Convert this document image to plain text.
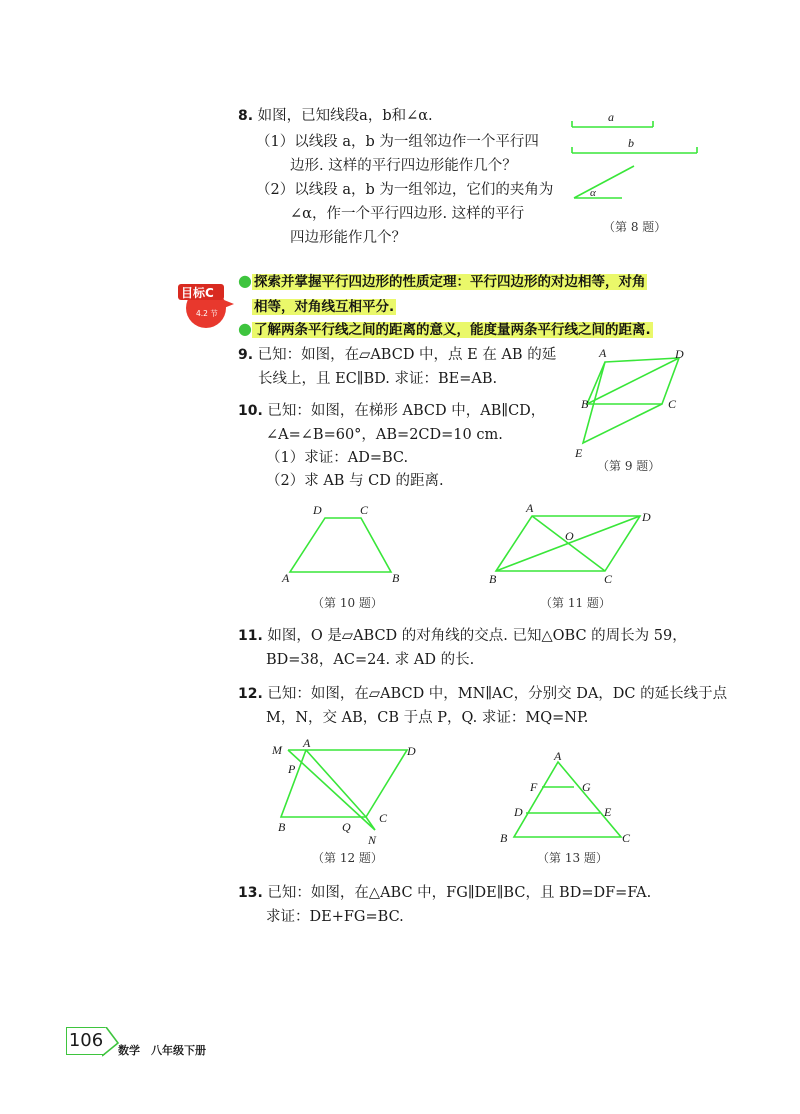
8. 如图，已知线段a，b和∠α.
（1）以线段 a，b 为一组邻边作一个平行四
边形. 这样的平行四边形能作几个？
（2）以线段 a，b 为一组邻边，它们的夹角为
∠α，作一个平行四边形. 这样的平行
四边形能作几个？
a
b
α
（第 8 题）
目标C
4.2 节
● 探索并掌握平行四边形的性质定理：平行四边形的对边相等，对角
相等，对角线互相平分.
● 了解两条平行线之间的距离的意义，能度量两条平行线之间的距离.
9. 已知：如图，在▱ABCD 中，点 E 在 AB 的延
长线上，且 EC∥BD. 求证：BE=AB.
A	D
B	C
E
（第 9 题）
10. 已知：如图，在梯形 ABCD 中，AB∥CD，
∠A=∠B=60°，AB=2CD=10 cm.
（1）求证：AD=BC.
（2）求 AB 与 CD 的距离.
D	C
A	B
（第 10 题）
A
D
O
B	C
（第 11 题）
11. 如图，O 是▱ABCD 的对角线的交点. 已知△OBC 的周长为 59，
BD=38，AC=24. 求 AD 的长.
12. 已知：如图，在▱ABCD 中，MN∥AC，分别交 DA，DC 的延长线于点
M，N，交 AB，CB 于点 P，Q. 求证：MQ=NP.
M A
D
P
B	Q
C
N
（第 12 题）
A
F	G
D	E
B	C
（第 13 题）
13. 已知：如图，在△ABC 中，FG∥DE∥BC，且 BD=DF=FA.
求证：DE+FG=BC.
106 数学　八年级下册
